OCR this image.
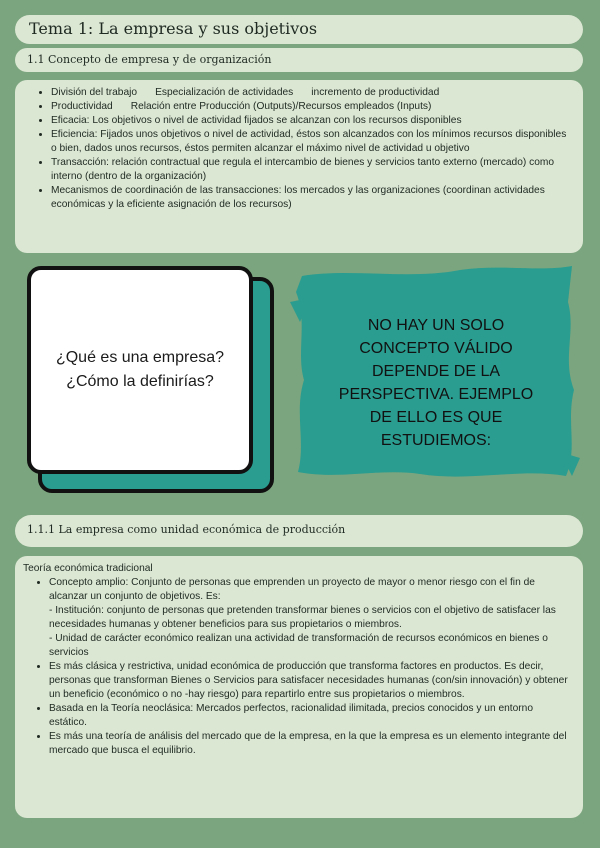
Tema 1: La empresa y sus objetivos
1.1 Concepto de empresa y de organización
• División del trabajo Especialización de actividades incremento de productividad
• Productividad Relación entre Producción (Outputs)/Recursos empleados (Inputs)
• Eficacia: Los objetivos o nivel de actividad fijados se alcanzan con los recursos disponibles
• Eficiencia: Fijados unos objetivos o nivel de actividad, éstos son alcanzados con los mínimos recursos disponibles o bien, dados unos recursos, éstos permiten alcanzar el máximo nivel de actividad u objetivo
• Transacción: relación contractual que regula el intercambio de bienes y servicios tanto externo (mercado) como interno (dentro de la organización)
• Mecanismos de coordinación de las transacciones: los mercados y las organizaciones (coordinan actividades económicas y la eficiente asignación de los recursos)
¿Qué es una empresa?
¿Cómo la definirías?
NO HAY UN SOLO
CONCEPTO VÁLIDO
DEPENDE DE LA
PERSPECTIVA. EJEMPLO
DE ELLO ES QUE
ESTUDIEMOS:
1.1.1 La empresa como unidad económica de producción

Teoría económica tradicional

• Concepto amplio: Conjunto de personas que emprenden un proyecto de mayor o menor riesgo con el fin de alcanzar un conjunto de objetivos. Es:
- Institución: conjunto de personas que pretenden transformar bienes o servicios con el objetivo de satisfacer las necesidades humanas y obtener beneficios para sus propietarios o miembros.
- Unidad de carácter económico realizan una actividad de transformación de recursos económicos en bienes o servicios
• Es más clásica y restrictiva, unidad económica de producción que transforma factores en productos. Es decir, personas que transforman Bienes o Servicios para satisfacer necesidades humanas (con/sin innovación) y obtener un beneficio (económico o no -hay riesgo) para repartirlo entre sus propietarios o miembros.
• Basada en la Teoría neoclásica: Mercados perfectos, racionalidad ilimitada, precios conocidos y un entorno estático.
• Es más una teoría de análisis del mercado que de la empresa, en la que la empresa es un elemento integrante del mercado que busca el equilibrio.
